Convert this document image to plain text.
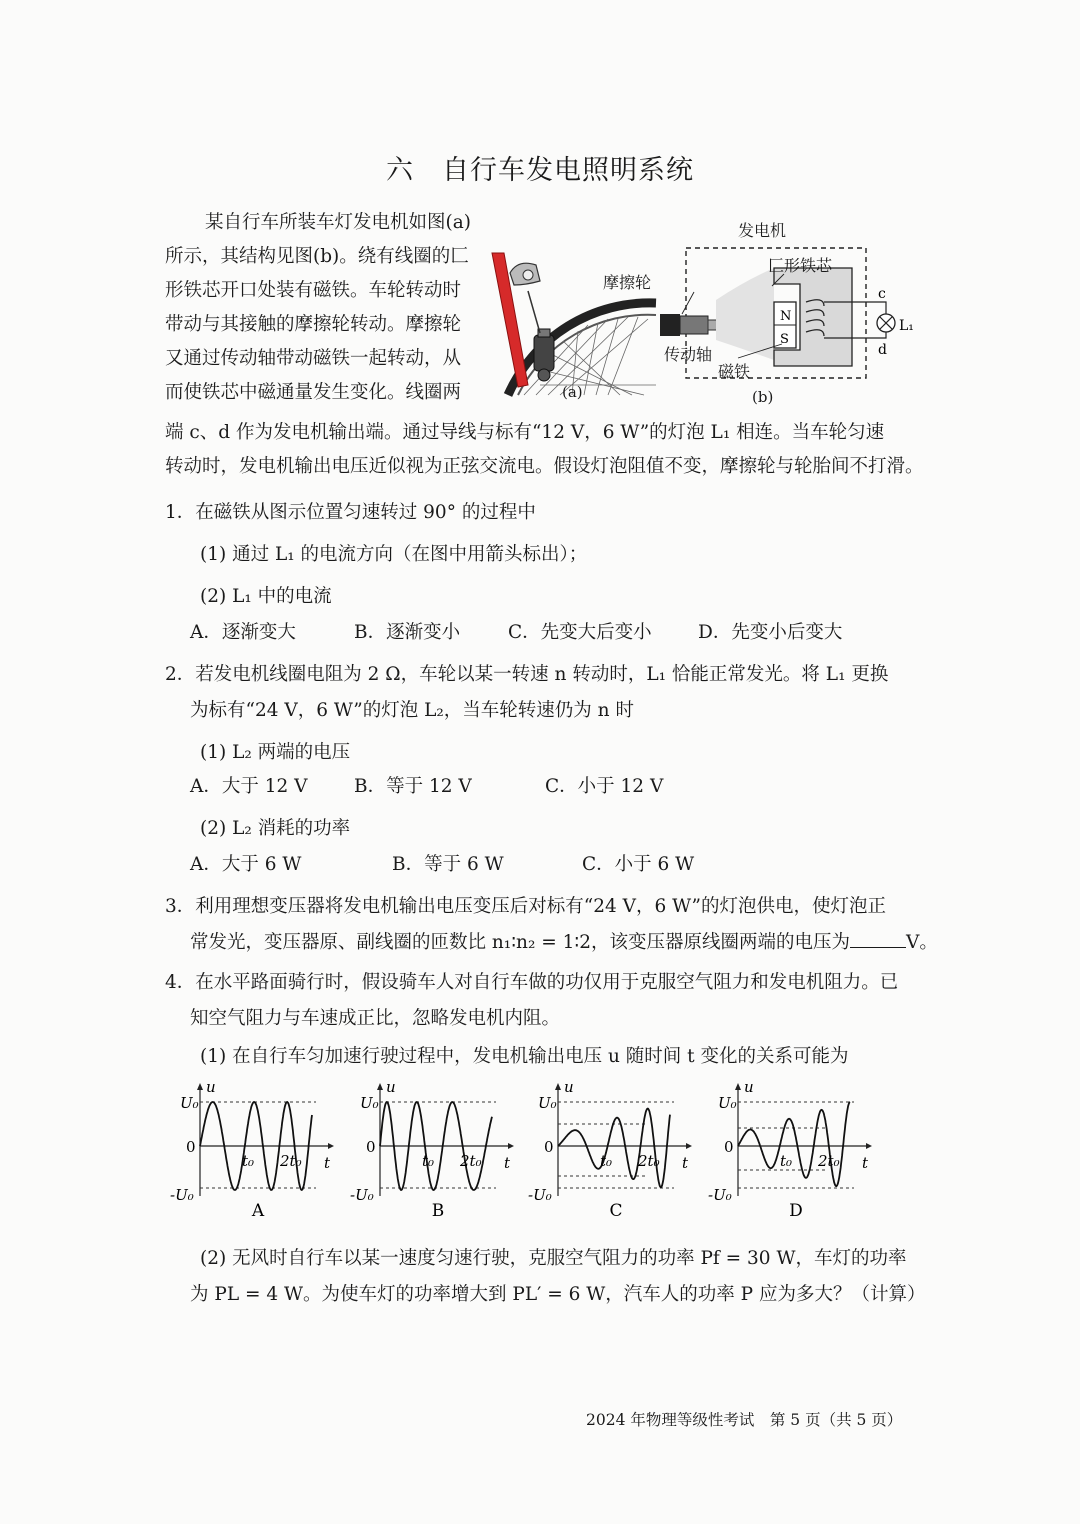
六　自行车发电照明系统
某自行车所装车灯发电机如图(a)
所示，其结构见图(b)。绕有线圈的匚
形铁芯开口处装有磁铁。车轮转动时
带动与其接触的摩擦轮转动。摩擦轮
又通过传动轴带动磁铁一起转动，从
而使铁芯中磁通量发生变化。线圈两
端 c、d 作为发电机输出端。通过导线与标有“12 V，6 W”的灯泡 L₁ 相连。当车轮匀速
转动时，发电机输出电压近似视为正弦交流电。假设灯泡阻值不变，摩擦轮与轮胎间不打滑。
(a)
发电机
N
S
c
d
L₁
摩擦轮
匚形铁芯
传动轴
磁铁
(b)
1．在磁铁从图示位置匀速转过 90° 的过程中
(1) 通过 L₁ 的电流方向（在图中用箭头标出）；
(2) L₁ 中的电流
A．逐渐变大	B．逐渐变小	C．先变大后变小	D．先变小后变大
2．若发电机线圈电阻为 2 Ω，车轮以某一转速 n 转动时，L₁ 恰能正常发光。将 L₁ 更换
为标有“24 V，6 W”的灯泡 L₂，当车轮转速仍为 n 时
(1) L₂ 两端的电压
A．大于 12 V	B．等于 12 V	C．小于 12 V
(2) L₂ 消耗的功率
A．大于 6 W	B．等于 6 W	C．小于 6 W
3．利用理想变压器将发电机输出电压变压后对标有“24 V，6 W”的灯泡供电，使灯泡正
常发光，变压器原、副线圈的匝数比 n₁∶n₂ = 1∶2，该变压器原线圈两端的电压为	V。
4．在水平路面骑行时，假设骑车人对自行车做的功仅用于克服空气阻力和发电机阻力。已
知空气阻力与车速成正比，忽略发电机内阻。
(1) 在自行车匀加速行驶过程中，发电机输出电压 u 随时间 t 变化的关系可能为
u
t
U₀
0
-U₀
t₀ 2t₀
A
u
t
U₀
0
-U₀
t₀ 2t₀
B
u
t
U₀
0
-U₀
t₀ 2t₀
C
u
t
U₀
0
-U₀
t₀ 2t₀
D
(2) 无风时自行车以某一速度匀速行驶，克服空气阻力的功率 Pf = 30 W，车灯的功率
为 PL = 4 W。为使车灯的功率增大到 PL′ = 6 W，汽车人的功率 P 应为多大？（计算）
2024 年物理等级性考试　第 5 页（共 5 页）
